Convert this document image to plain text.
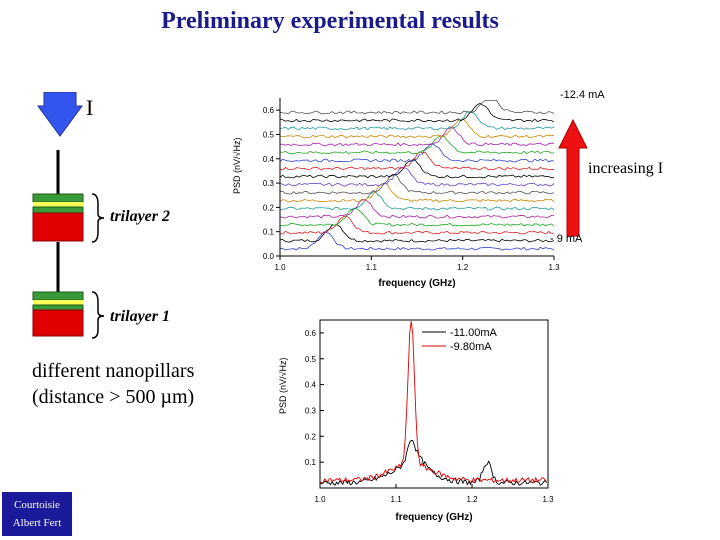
Preliminary experimental results
I
increasing I
trilayer 2
trilayer 1
different nanopillars
(distance > 500 µm)
Courtoisie
Albert Fert
1.0	1.1	1.2	1.3
0.0
0.1
0.2
0.3
0.4
0.5
0.6
PSD (nV/√Hz)
frequency (GHz)
-12.4 mA
- 9 mA
1.0	1.1	1.2	1.3
0.1
0.2
0.3
0.4
0.5
0.6	-11.00mA
-9.80mA
PSD (nV/√Hz)
frequency (GHz)
